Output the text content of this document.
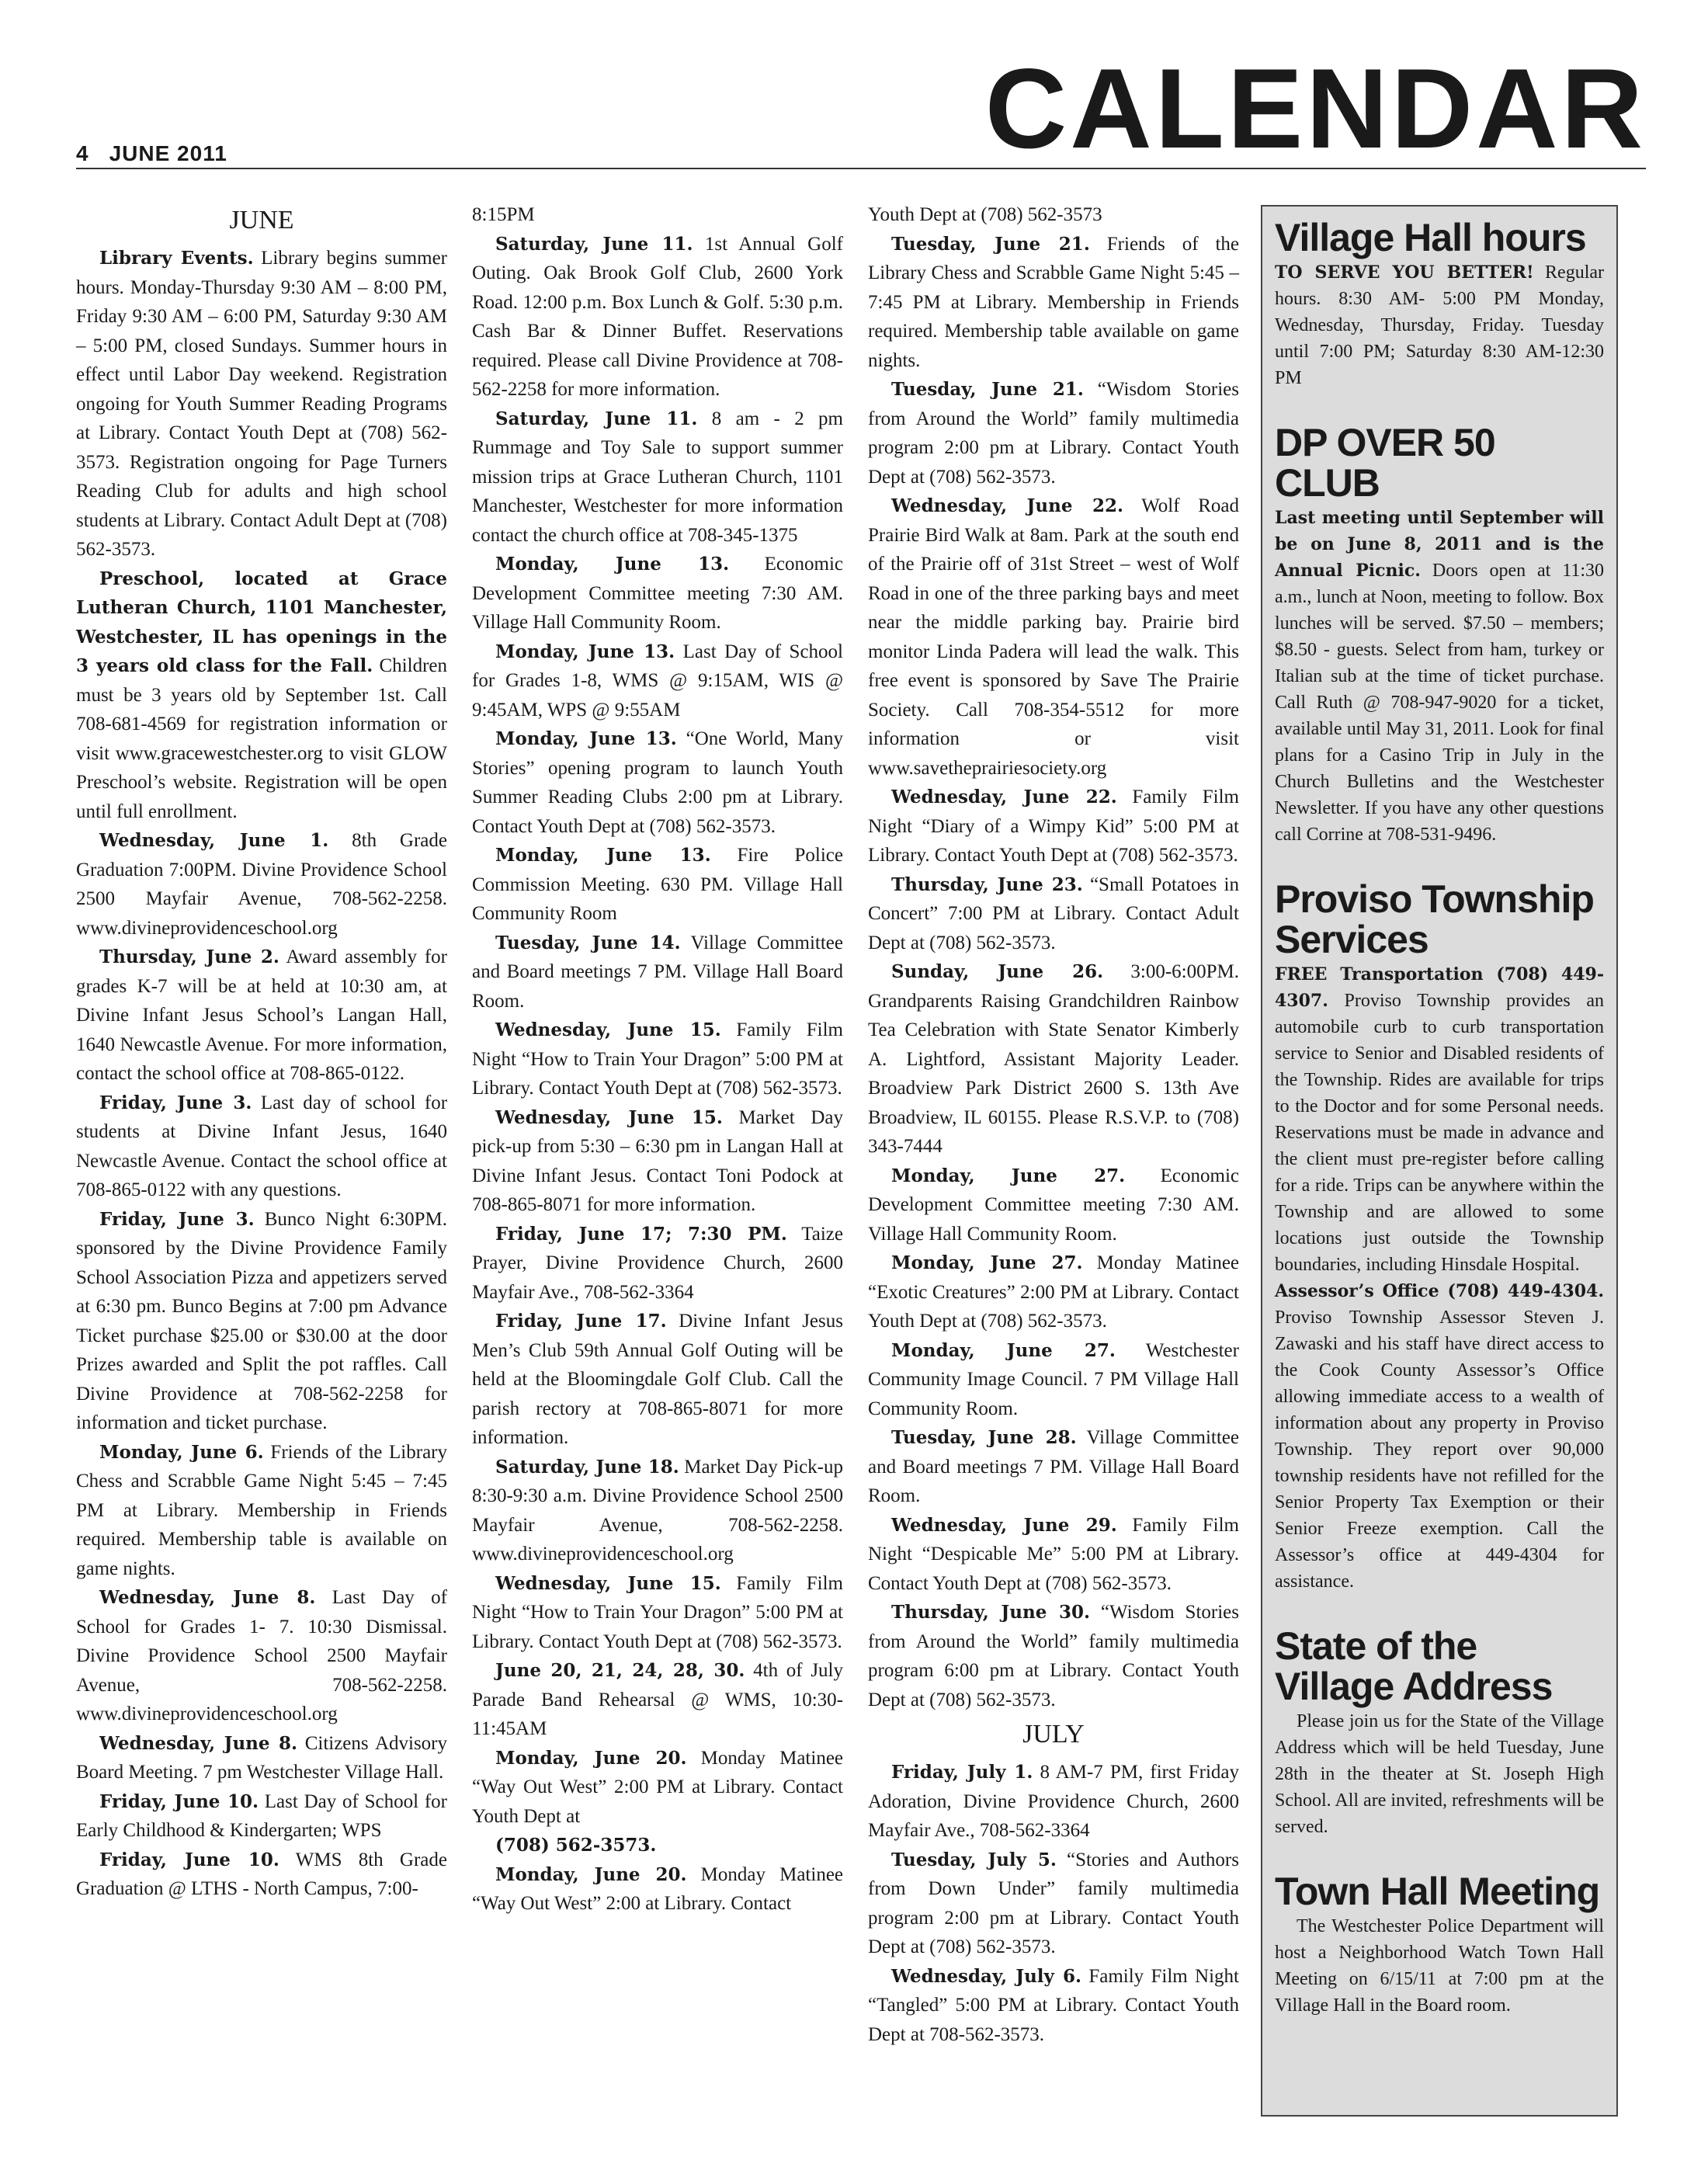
4 JUNE 2011	CALENDAR
JUNE

Library Events. Library begins summer hours. Monday-Thursday 9:30 AM – 8:00 PM, Friday 9:30 AM – 6:00 PM, Saturday 9:30 AM – 5:00 PM, closed Sundays. Summer hours in effect until Labor Day weekend. Registration ongoing for Youth Summer Reading Programs at Library. Contact Youth Dept at (708) 562-3573. Registration ongoing for Page Turners Reading Club for adults and high school students at Library. Contact Adult Dept at (708) 562-3573.

Preschool, located at Grace Lutheran Church, 1101 Manchester, Westchester, IL has openings in the 3 years old class for the Fall. Children must be 3 years old by September 1st. Call 708-681-4569 for registration information or visit www.gracewestchester.org to visit GLOW Preschool’s website. Registration will be open until full enrollment.

Wednesday, June 1. 8th Grade Graduation 7:00PM. Divine Providence School 2500 Mayfair Avenue, 708-562-2258. www.divineprovidenceschool.org

Thursday, June 2. Award assembly for grades K-7 will be at held at 10:30 am, at Divine Infant Jesus School’s Langan Hall, 1640 Newcastle Avenue. For more information, contact the school office at 708-865-0122.

Friday, June 3. Last day of school for students at Divine Infant Jesus, 1640 Newcastle Avenue. Contact the school office at 708-865-0122 with any questions.

Friday, June 3. Bunco Night 6:30PM. sponsored by the Divine Providence Family School Association Pizza and appetizers served at 6:30 pm. Bunco Begins at 7:00 pm Advance Ticket purchase $25.00 or $30.00 at the door Prizes awarded and Split the pot raffles. Call Divine Providence at 708-562-2258 for information and ticket purchase.

Monday, June 6. Friends of the Library Chess and Scrabble Game Night 5:45 – 7:45 PM at Library. Membership in Friends required. Membership table is available on game nights.

Wednesday, June 8. Last Day of School for Grades 1- 7. 10:30 Dismissal. Divine Providence School 2500 Mayfair Avenue, 708-562-2258. www.divineprovidenceschool.org

Wednesday, June 8. Citizens Advisory Board Meeting. 7 pm Westchester Village Hall.

Friday, June 10. Last Day of School for Early Childhood & Kindergarten; WPS

Friday, June 10. WMS 8th Grade Graduation @ LTHS - North Campus, 7:00-

8:15PM

Saturday, June 11. 1st Annual Golf Outing. Oak Brook Golf Club, 2600 York Road. 12:00 p.m. Box Lunch & Golf. 5:30 p.m. Cash Bar & Dinner Buffet. Reservations required. Please call Divine Providence at 708-562-2258 for more information.

Saturday, June 11. 8 am - 2 pm Rummage and Toy Sale to support summer mission trips at Grace Lutheran Church, 1101 Manchester, Westchester for more information contact the church office at 708-345-1375

Monday, June 13. Economic Development Committee meeting 7:30 AM. Village Hall Community Room.

Monday, June 13. Last Day of School for Grades 1-8, WMS @ 9:15AM, WIS @ 9:45AM, WPS @ 9:55AM

Monday, June 13. “One World, Many Stories” opening program to launch Youth Summer Reading Clubs 2:00 pm at Library. Contact Youth Dept at (708) 562-3573.

Monday, June 13. Fire Police Commission Meeting. 630 PM. Village Hall Community Room

Tuesday, June 14. Village Committee and Board meetings 7 PM. Village Hall Board Room.

Wednesday, June 15. Family Film Night “How to Train Your Dragon” 5:00 PM at Library. Contact Youth Dept at (708) 562-3573.

Wednesday, June 15. Market Day pick-up from 5:30 – 6:30 pm in Langan Hall at Divine Infant Jesus. Contact Toni Podock at 708-865-8071 for more information.

Friday, June 17; 7:30 PM. Taize Prayer, Divine Providence Church, 2600 Mayfair Ave., 708-562-3364

Friday, June 17. Divine Infant Jesus Men’s Club 59th Annual Golf Outing will be held at the Bloomingdale Golf Club. Call the parish rectory at 708-865-8071 for more information.

Saturday, June 18. Market Day Pick-up 8:30-9:30 a.m. Divine Providence School 2500 Mayfair Avenue, 708-562-2258. www.divineprovidenceschool.org

Wednesday, June 15. Family Film Night “How to Train Your Dragon” 5:00 PM at Library. Contact Youth Dept at (708) 562-3573.

June 20, 21, 24, 28, 30. 4th of July Parade Band Rehearsal @ WMS, 10:30-11:45AM

Monday, June 20. Monday Matinee “Way Out West” 2:00 PM at Library. Contact Youth Dept at

(708) 562-3573.

Monday, June 20. Monday Matinee “Way Out West” 2:00 at Library. Contact

Youth Dept at (708) 562-3573

Tuesday, June 21. Friends of the Library Chess and Scrabble Game Night 5:45 – 7:45 PM at Library. Membership in Friends required. Membership table available on game nights.

Tuesday, June 21. “Wisdom Stories from Around the World” family multimedia program 2:00 pm at Library. Contact Youth Dept at (708) 562-3573.

Wednesday, June 22. Wolf Road Prairie Bird Walk at 8am. Park at the south end of the Prairie off of 31st Street – west of Wolf Road in one of the three parking bays and meet near the middle parking bay. Prairie bird monitor Linda Padera will lead the walk. This free event is sponsored by Save The Prairie Society. Call 708-354-5512 for more information or visit www.savetheprairiesociety.org

Wednesday, June 22. Family Film Night “Diary of a Wimpy Kid” 5:00 PM at Library. Contact Youth Dept at (708) 562-3573.

Thursday, June 23. “Small Potatoes in Concert” 7:00 PM at Library. Contact Adult Dept at (708) 562-3573.

Sunday, June 26. 3:00-6:00PM. Grandparents Raising Grandchildren Rainbow Tea Celebration with State Senator Kimberly A. Lightford, Assistant Majority Leader. Broadview Park District 2600 S. 13th Ave Broadview, IL 60155. Please R.S.V.P. to (708) 343-7444

Monday, June 27. Economic Development Committee meeting 7:30 AM. Village Hall Community Room.

Monday, June 27. Monday Matinee “Exotic Creatures” 2:00 PM at Library. Contact Youth Dept at (708) 562-3573.

Monday, June 27. Westchester Community Image Council. 7 PM Village Hall Community Room.

Tuesday, June 28. Village Committee and Board meetings 7 PM. Village Hall Board Room.

Wednesday, June 29. Family Film Night “Despicable Me” 5:00 PM at Library. Contact Youth Dept at (708) 562-3573.

Thursday, June 30. “Wisdom Stories from Around the World” family multimedia program 6:00 pm at Library. Contact Youth Dept at (708) 562-3573.

JULY

Friday, July 1. 8 AM-7 PM, first Friday Adoration, Divine Providence Church, 2600 Mayfair Ave., 708-562-3364

Tuesday, July 5. “Stories and Authors from Down Under” family multimedia program 2:00 pm at Library. Contact Youth Dept at (708) 562-3573.

Wednesday, July 6. Family Film Night “Tangled” 5:00 PM at Library. Contact Youth Dept at 708-562-3573.

Village Hall hours

TO SERVE YOU BETTER! Regular hours. 8:30 AM- 5:00 PM Monday, Wednesday, Thursday, Friday. Tuesday until 7:00 PM; Saturday 8:30 AM-12:30 PM

DP OVER 50 CLUB

Last meeting until September will be on June 8, 2011 and is the Annual Picnic. Doors open at 11:30 a.m., lunch at Noon, meeting to follow. Box lunches will be served. $7.50 – members; $8.50 - guests. Select from ham, turkey or Italian sub at the time of ticket purchase. Call Ruth @ 708-947-9020 for a ticket, available until May 31, 2011. Look for final plans for a Casino Trip in July in the Church Bulletins and the Westchester Newsletter. If you have any other questions call Corrine at 708-531-9496.

Proviso Township Services

FREE Transportation (708) 449-4307. Proviso Township provides an automobile curb to curb transportation service to Senior and Disabled residents of the Township. Rides are available for trips to the Doctor and for some Personal needs. Reservations must be made in advance and the client must pre-register before calling for a ride. Trips can be anywhere within the Township and are allowed to some locations just outside the Township boundaries, including Hinsdale Hospital.

Assessor’s Office (708) 449-4304. Proviso Township Assessor Steven J. Zawaski and his staff have direct access to the Cook County Assessor’s Office allowing immediate access to a wealth of information about any property in Proviso Township. They report over 90,000 township residents have not refilled for the Senior Property Tax Exemption or their Senior Freeze exemption. Call the Assessor’s office at 449-4304 for assistance.

State of the Village Address

Please join us for the State of the Village Address which will be held Tuesday, June 28th in the theater at St. Joseph High School. All are invited, refreshments will be served.

Town Hall Meeting

The Westchester Police Department will host a Neighborhood Watch Town Hall Meeting on 6/15/11 at 7:00 pm at the Village Hall in the Board room.
